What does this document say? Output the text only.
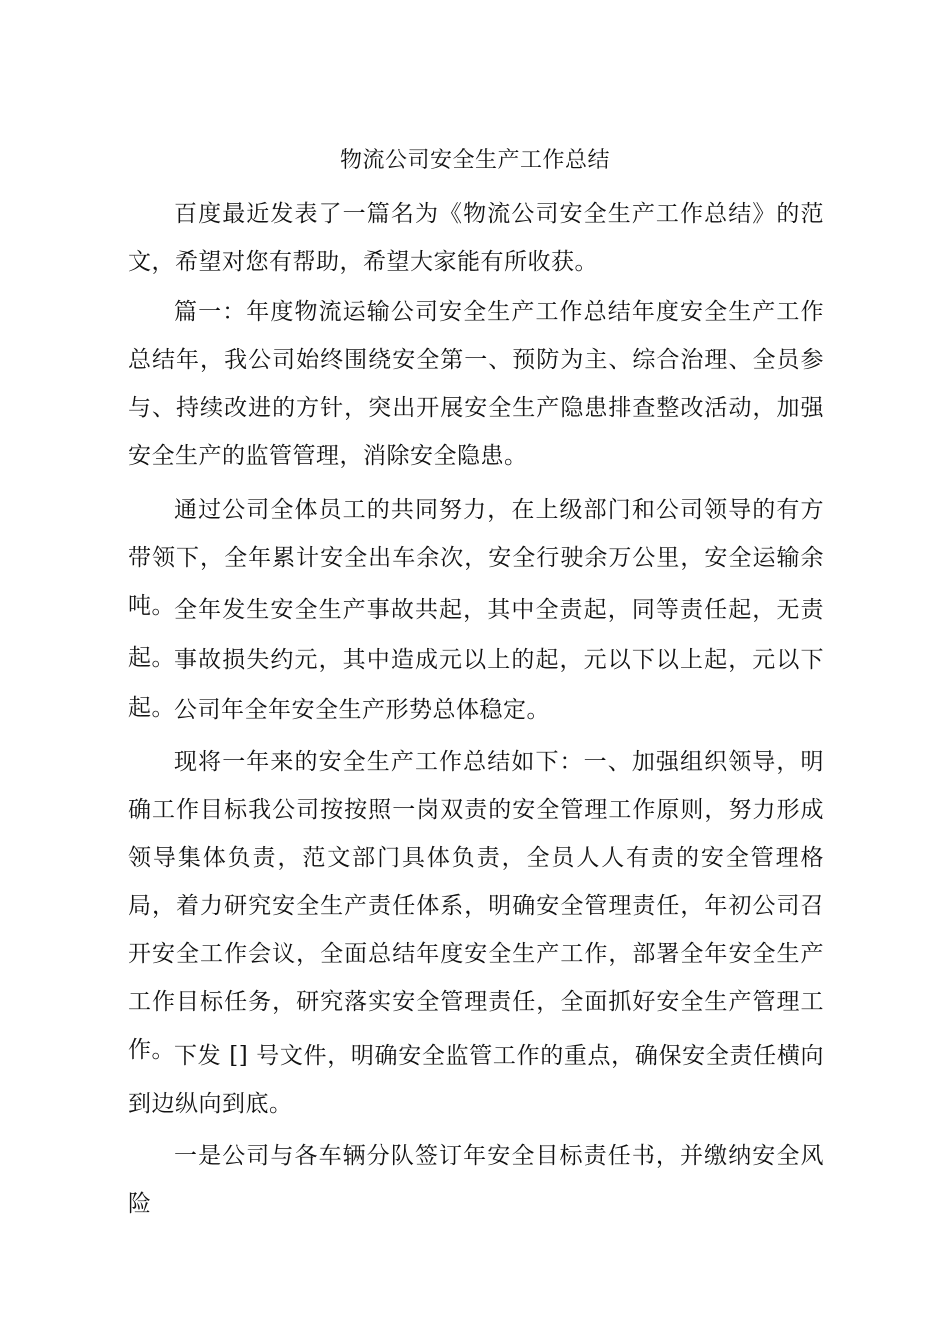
物流公司安全生产工作总结

百度最近发表了一篇名为《物流公司安全生产工作总结》的范文，希望对您有帮助，希望大家能有所收获。

篇一：年度物流运输公司安全生产工作总结年度安全生产工作总结年，我公司始终围绕安全第一、预防为主、综合治理、全员参与、持续改进的方针，突出开展安全生产隐患排查整改活动，加强安全生产的监管管理，消除安全隐患。

通过公司全体员工的共同努力，在上级部门和公司领导的有方带领下，全年累计安全出车余次，安全行驶余万公里，安全运输余吨。 全年发生安全生产事故共起，其中全责起，同等责任起，无责起。 事故损失约元，其中造成元以上的起，元以下以上起，元以下起。 公司年全年安全生产形势总体稳定。

现将一年来的安全生产工作总结如下：一、加强组织领导，明确工作目标我公司按按照一岗双责的安全管理工作原则，努力形成领导集体负责，范文部门具体负责，全员人人有责的安全管理格局，着力研究安全生产责任体系，明确安全管理责任，年初公司召开安全工作会议，全面总结年度安全生产工作，部署全年安全生产工作目标任务，研究落实安全管理责任，全面抓好安全生产管理工作。 下发 [] 号文件，明确安全监管工作的重点，确保安全责任横向到边纵向到底。

一是公司与各车辆分队签订年安全目标责任书，并缴纳安全风险
